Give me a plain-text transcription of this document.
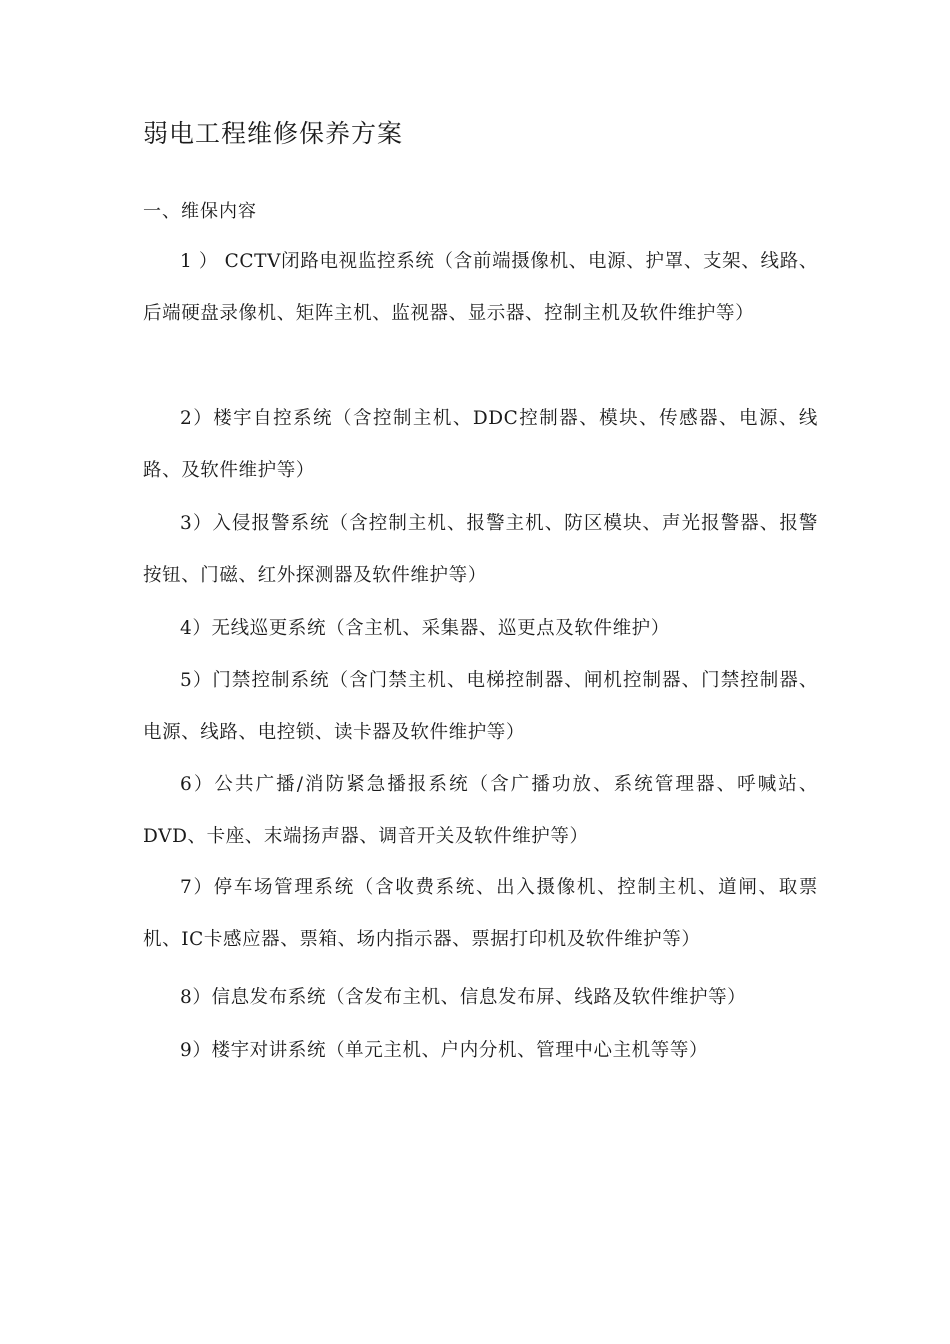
弱电工程维修保养方案
一、维保内容

1 ） CCTV闭路电视监控系统（含前端摄像机、电源、护罩、支架、线路、后端硬盘录像机、矩阵主机、监视器、显示器、控制主机及软件维护等）

2）楼宇自控系统（含控制主机、DDC控制器、模块、传感器、电源、线路、及软件维护等）

3）入侵报警系统（含控制主机、报警主机、防区模块、声光报警器、报警按钮、门磁、红外探测器及软件维护等）

4）无线巡更系统（含主机、采集器、巡更点及软件维护）

5）门禁控制系统（含门禁主机、电梯控制器、闸机控制器、门禁控制器、电源、线路、电控锁、读卡器及软件维护等）

6）公共广播/消防紧急播报系统（含广播功放、系统管理器、呼喊站、DVD、卡座、末端扬声器、调音开关及软件维护等）

7）停车场管理系统（含收费系统、出入摄像机、控制主机、道闸、取票机、IC卡感应器、票箱、场内指示器、票据打印机及软件维护等）

8）信息发布系统（含发布主机、信息发布屏、线路及软件维护等）

9）楼宇对讲系统（单元主机、户内分机、管理中心主机等等）
